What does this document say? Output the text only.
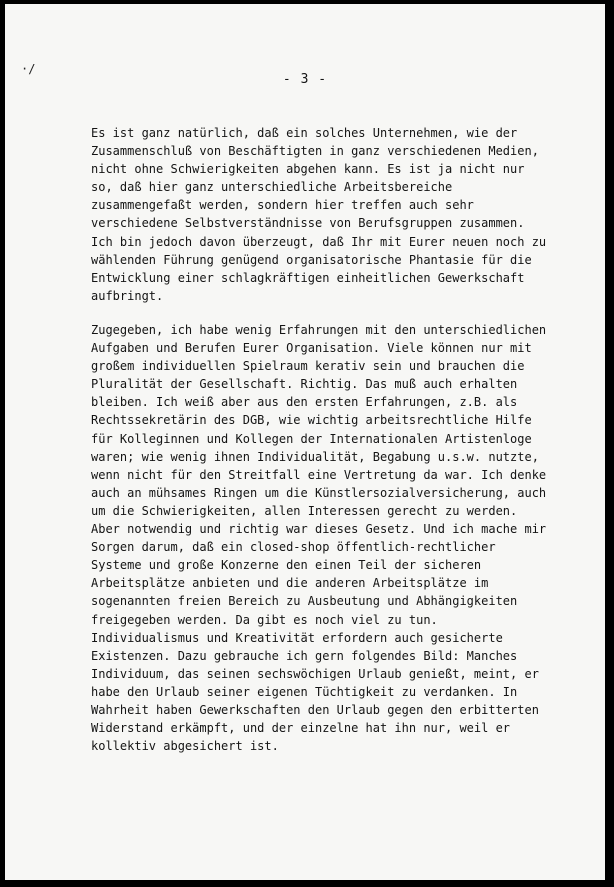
·/
- 3 -
Es ist ganz natürlich, daß ein solches Unternehmen, wie der
Zusammenschluß von Beschäftigten in ganz verschiedenen Medien,
nicht ohne Schwierigkeiten abgehen kann. Es ist ja nicht nur
so, daß hier ganz unterschiedliche Arbeitsbereiche
zusammengefaßt werden, sondern hier treffen auch sehr
verschiedene Selbstverständnisse von Berufsgruppen zusammen.
Ich bin jedoch davon überzeugt, daß Ihr mit Eurer neuen noch zu
wählenden Führung genügend organisatorische Phantasie für die
Entwicklung einer schlagkräftigen einheitlichen Gewerkschaft
aufbringt.
Zugegeben, ich habe wenig Erfahrungen mit den unterschiedlichen
Aufgaben und Berufen Eurer Organisation. Viele können nur mit
großem individuellen Spielraum kerativ sein und brauchen die
Pluralität der Gesellschaft. Richtig. Das muß auch erhalten
bleiben. Ich weiß aber aus den ersten Erfahrungen, z.B. als
Rechtssekretärin des DGB, wie wichtig arbeitsrechtliche Hilfe
für Kolleginnen und Kollegen der Internationalen Artistenloge
waren; wie wenig ihnen Individualität, Begabung u.s.w. nutzte,
wenn nicht für den Streitfall eine Vertretung da war. Ich denke
auch an mühsames Ringen um die Künstlersozialversicherung, auch
um die Schwierigkeiten, allen Interessen gerecht zu werden.
Aber notwendig und richtig war dieses Gesetz. Und ich mache mir
Sorgen darum, daß ein closed-shop öffentlich-rechtlicher
Systeme und große Konzerne den einen Teil der sicheren
Arbeitsplätze anbieten und die anderen Arbeitsplätze im
sogenannten freien Bereich zu Ausbeutung und Abhängigkeiten
freigegeben werden. Da gibt es noch viel zu tun.
Individualismus und Kreativität erfordern auch gesicherte
Existenzen. Dazu gebrauche ich gern folgendes Bild: Manches
Individuum, das seinen sechswöchigen Urlaub genießt, meint, er
habe den Urlaub seiner eigenen Tüchtigkeit zu verdanken. In
Wahrheit haben Gewerkschaften den Urlaub gegen den erbitterten
Widerstand erkämpft, und der einzelne hat ihn nur, weil er
kollektiv abgesichert ist.
